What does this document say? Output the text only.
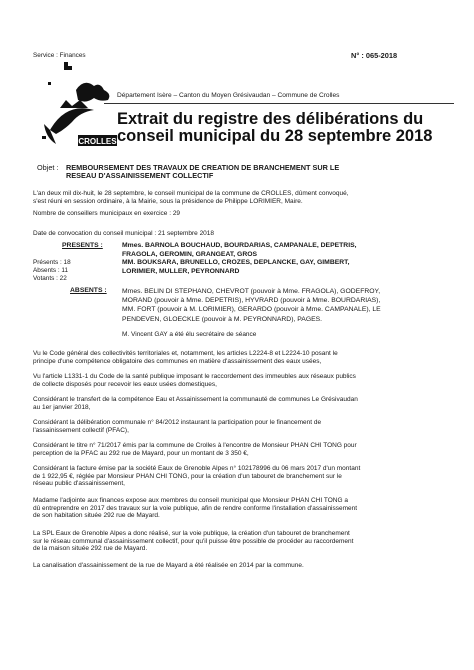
Service : Finances	N° : 065-2018
CROLLES
Département Isère – Canton du Moyen Grésivaudan – Commune de Crolles
Extrait du registre des délibérations du
conseil municipal du 28 septembre 2018
Objet : REMBOURSEMENT DES TRAVAUX DE CREATION DE BRANCHEMENT SUR LE
RESEAU D'ASSAINISSEMENT COLLECTIF
L'an deux mil dix-huit, le 28 septembre, le conseil municipal de la commune de CROLLES, dûment convoqué,
s'est réuni en session ordinaire, à la Mairie, sous la présidence de Philippe LORIMIER, Maire.
Nombre de conseillers municipaux en exercice : 29
Date de convocation du conseil municipal : 21 septembre 2018
Présents : 18
Absents : 11
Votants : 22
PRESENTS :	Mmes. BARNOLA BOUCHAUD, BOURDARIAS, CAMPANALE, DEPETRIS,
FRAGOLA, GEROMIN, GRANGEAT, GROS
MM. BOUKSARA, BRUNELLO, CROZES, DEPLANCKE, GAY, GIMBERT,
LORIMIER, MULLER, PEYRONNARD
ABSENTS : Mmes. BELIN DI STEPHANO, CHEVROT (pouvoir à Mme. FRAGOLA), GODEFROY,
MORAND (pouvoir à Mme. DEPETRIS), HYVRARD (pouvoir à Mme. BOURDARIAS),
MM. FORT (pouvoir à M. LORIMIER), GERARDO (pouvoir à Mme. CAMPANALE), LE
PENDEVEN, GLOECKLE (pouvoir à M. PEYRONNARD), PAGES.
M. Vincent GAY a été élu secrétaire de séance
Vu le Code général des collectivités territoriales et, notamment, les articles L2224-8 et L2224-10 posant le
principe d'une compétence obligatoire des communes en matière d'assainissement des eaux usées,
Vu l'article L1331-1 du Code de la santé publique imposant le raccordement des immeubles aux réseaux publics
de collecte disposés pour recevoir les eaux usées domestiques,
Considérant le transfert de la compétence Eau et Assainissement la communauté de communes Le Grésivaudan
au 1er janvier 2018,
Considérant la délibération communale n° 84/2012 instaurant la participation pour le financement de
l'assainissement collectif (PFAC),
Considérant le titre n° 71/2017 émis par la commune de Crolles à l'encontre de Monsieur PHAN CHI TONG pour
perception de la PFAC au 292 rue de Mayard, pour un montant de 3 350 €,
Considérant la facture émise par la société Eaux de Grenoble Alpes n° 102178996 du 06 mars 2017 d'un montant
de 1 922,95 €, réglée par Monsieur PHAN CHI TONG, pour la création d'un tabouret de branchement sur le
réseau public d'assainissement,
Madame l'adjointe aux finances expose aux membres du conseil municipal que Monsieur PHAN CHI TONG a
dû entreprendre en 2017 des travaux sur la voie publique, afin de rendre conforme l'installation d'assainissement
de son habitation située 292 rue de Mayard.
La SPL Eaux de Grenoble Alpes a donc réalisé, sur la voie publique, la création d'un tabouret de branchement
sur le réseau communal d'assainissement collectif, pour qu'il puisse être possible de procéder au raccordement
de la maison située 292 rue de Mayard.
La canalisation d'assainissement de la rue de Mayard a été réalisée en 2014 par la commune.
